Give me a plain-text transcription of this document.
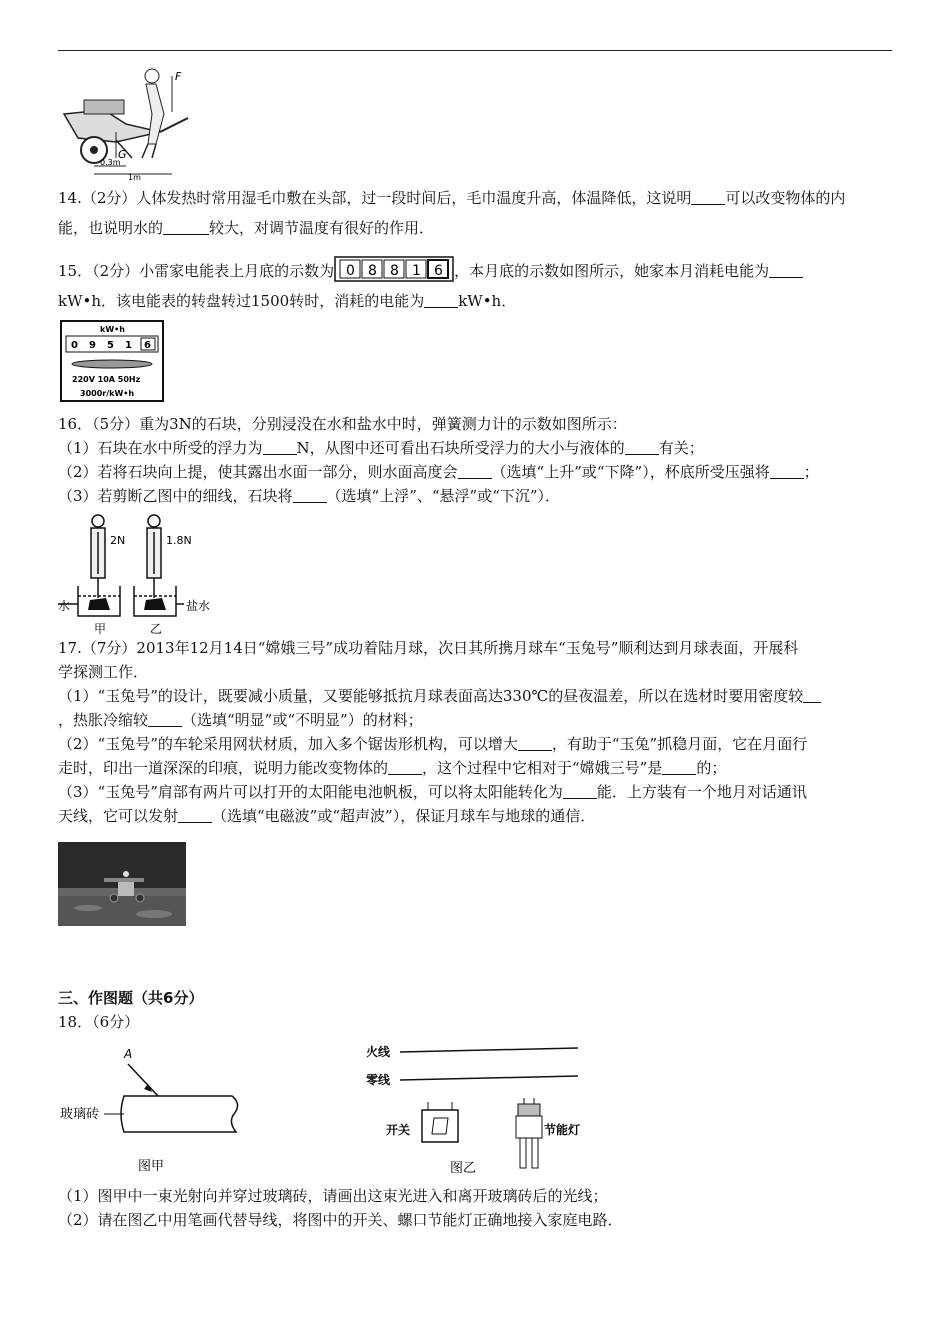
F
G
0.3m
1m
14.（2分）人体发热时常用湿毛巾敷在头部，过一段时间后，毛巾温度升高，体温降低，这说明 可以改变物体的内
能，也说明水的	较大，对调节温度有很好的作用．
15．（2分）小雷家电能表上月底的示数为 0 8 8 1 6 ，本月底的示数如图所示，她家本月消耗电能为
kW•h．该电能表的转盘转过1500转时，消耗的电能为 kW•h．
kW•h
0 9 5 1 6
220V 10A 50Hz
3000r/kW•h
16．（5分）重为3N的石块，分别浸没在水和盐水中时，弹簧测力计的示数如图所示：
（1）石块在水中所受的浮力为 N，从图中还可看出石块所受浮力的大小与液体的 有关；
（2）若将石块向上提，使其露出水面一部分，则水面高度会 （选填“上升”或“下降”），杯底所受压强将 ；
（3）若剪断乙图中的细线，石块将 （选填“上浮”、“悬浮”或“下沉”）．
2N	1.8N
水	盐水
甲	乙
17.（7分）2013年12月14日“嫦娥三号”成功着陆月球，次日其所携月球车“玉兔号”顺利达到月球表面，开展科
学探测工作．
（1）“玉兔号”的设计，既要减小质量，又要能够抵抗月球表面高达330℃的昼夜温差，所以在选材时要用密度较
，热胀冷缩较 （选填“明显”或“不明显”）的材料；
（2）“玉兔号”的车轮采用网状材质，加入多个锯齿形机构，可以增大 ，有助于“玉兔”抓稳月面，它在月面行
走时，印出一道深深的印痕，说明力能改变物体的 ，这个过程中它相对于“嫦娥三号”是 的；
（3）“玉兔号”肩部有两片可以打开的太阳能电池帆板，可以将太阳能转化为 能．上方装有一个地月对话通讯
天线，它可以发射 （选填“电磁波”或“超声波”），保证月球车与地球的通信．
三、作图题（共6分）
18．（6分）
A
玻璃砖
图甲
火线
零线
开关	节能灯
图乙
（1）图甲中一束光射向并穿过玻璃砖，请画出这束光进入和离开玻璃砖后的光线；
（2）请在图乙中用笔画代替导线，将图中的开关、螺口节能灯正确地接入家庭电路．
